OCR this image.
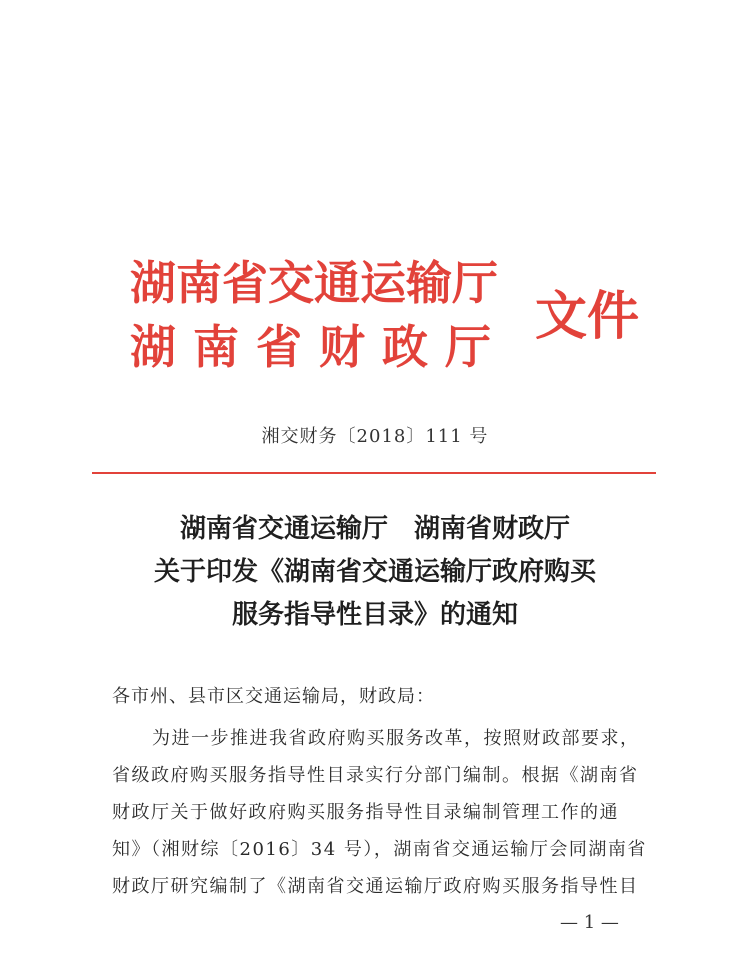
湖南省交通运输厅
湖南省财政厅 文件
湘交财务〔2018〕111 号
湖南省交通运输厅　湖南省财政厅
关于印发《湖南省交通运输厅政府购买
服务指导性目录》的通知
各市州、县市区交通运输局，财政局：
为进一步推进我省政府购买服务改革，按照财政部要求，
省级政府购买服务指导性目录实行分部门编制。根据《湖南省
财政厅关于做好政府购买服务指导性目录编制管理工作的通
知》（湘财综〔2016〕34 号），湖南省交通运输厅会同湖南省
财政厅研究编制了《湖南省交通运输厅政府购买服务指导性目
— 1 —
